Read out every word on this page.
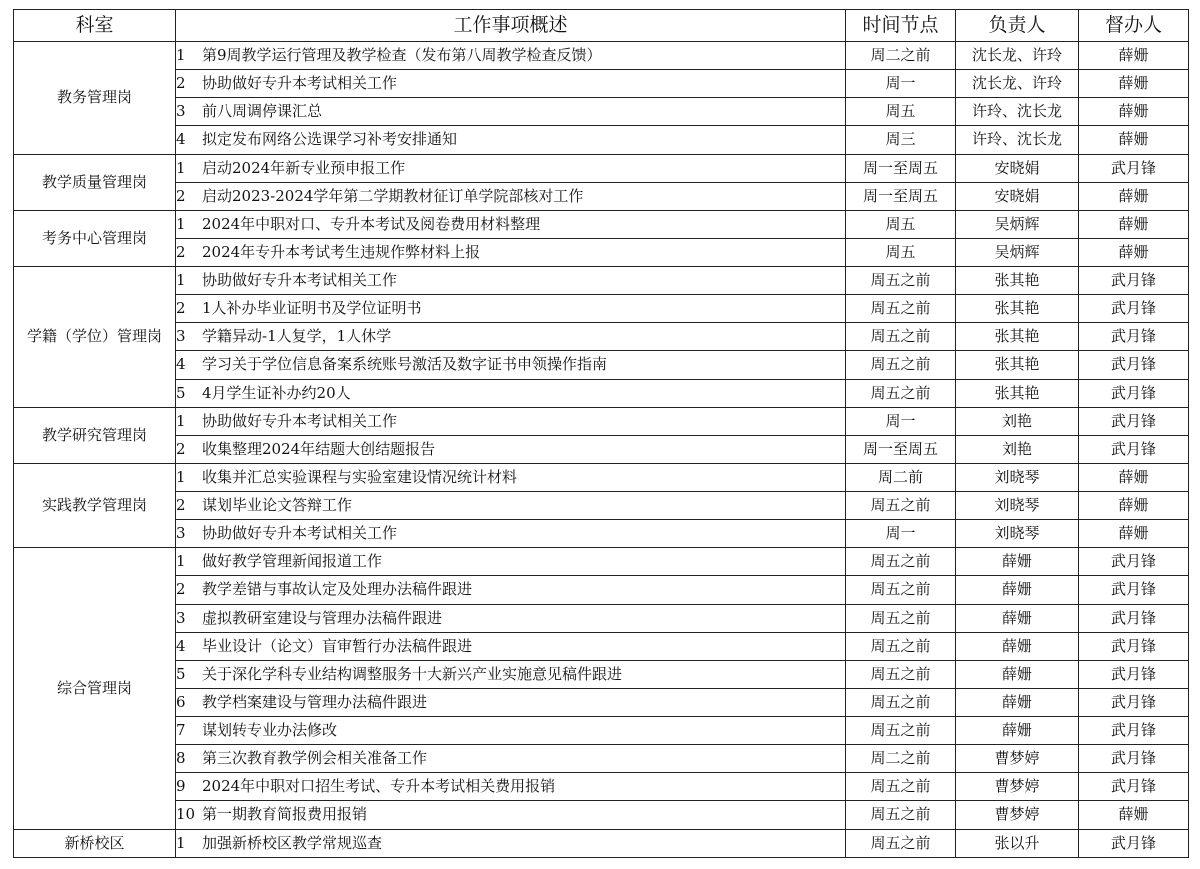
科室	工作事项概述	时间节点	负责人	督办人
教务管理岗	1 第9周教学运行管理及教学检查（发布第八周教学检查反馈）	周二之前	沈长龙、许玲	薛姗
	2 协助做好专升本考试相关工作	周一	沈长龙、许玲	薛姗
	3 前八周调停课汇总	周五	许玲、沈长龙	薛姗
	4 拟定发布网络公选课学习补考安排通知	周三	许玲、沈长龙	薛姗
教学质量管理岗	1 启动2024年新专业预申报工作	周一至周五	安晓娟	武月锋
	2 启动2023-2024学年第二学期教材征订单学院部核对工作	周一至周五	安晓娟	薛姗
考务中心管理岗	1 2024年中职对口、专升本考试及阅卷费用材料整理	周五	吴炳辉	薛姗
	2 2024年专升本考试考生违规作弊材料上报	周五	吴炳辉	薛姗
学籍（学位）管理岗	1 协助做好专升本考试相关工作	周五之前	张其艳	武月锋
	2 1人补办毕业证明书及学位证明书	周五之前	张其艳	武月锋
	3 学籍异动-1人复学，1人休学	周五之前	张其艳	武月锋
	4 学习关于学位信息备案系统账号激活及数字证书申领操作指南	周五之前	张其艳	武月锋
	5 4月学生证补办约20人	周五之前	张其艳	武月锋
教学研究管理岗	1 协助做好专升本考试相关工作	周一	刘艳	武月锋
	2 收集整理2024年结题大创结题报告	周一至周五	刘艳	武月锋
实践教学管理岗	1 收集并汇总实验课程与实验室建设情况统计材料	周二前	刘晓琴	薛姗
	2 谋划毕业论文答辩工作	周五之前	刘晓琴	薛姗
	3 协助做好专升本考试相关工作	周一	刘晓琴	薛姗
综合管理岗	1 做好教学管理新闻报道工作	周五之前	薛姗	武月锋
	2 教学差错与事故认定及处理办法稿件跟进	周五之前	薛姗	武月锋
	3 虚拟教研室建设与管理办法稿件跟进	周五之前	薛姗	武月锋
	4 毕业设计（论文）盲审暂行办法稿件跟进	周五之前	薛姗	武月锋
	5 关于深化学科专业结构调整服务十大新兴产业实施意见稿件跟进	周五之前	薛姗	武月锋
	6 教学档案建设与管理办法稿件跟进	周五之前	薛姗	武月锋
	7 谋划转专业办法修改	周五之前	薛姗	武月锋
	8 第三次教育教学例会相关准备工作	周二之前	曹梦婷	武月锋
	9 2024年中职对口招生考试、专升本考试相关费用报销	周五之前	曹梦婷	武月锋
	10 第一期教育简报费用报销	周五之前	曹梦婷	薛姗
新桥校区	1 加强新桥校区教学常规巡查	周五之前	张以升	武月锋
